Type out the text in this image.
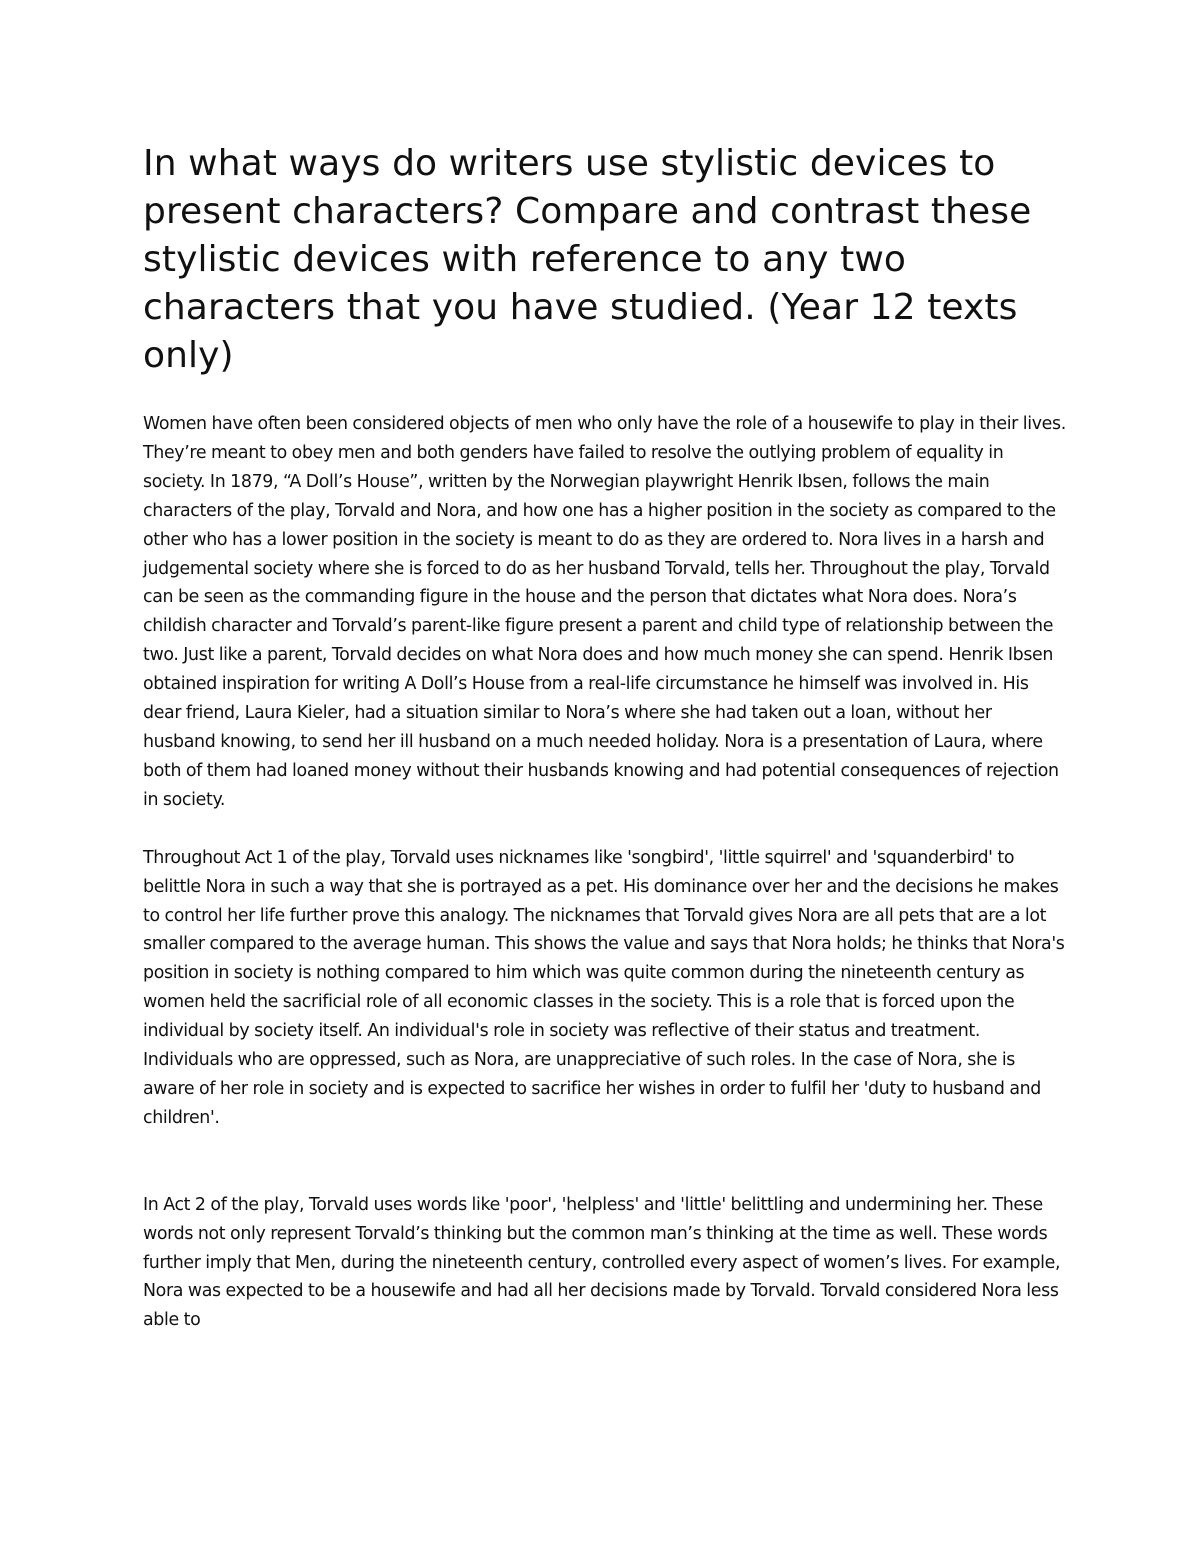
In what ways do writers use stylistic devices to present characters? Compare and contrast these stylistic devices with reference to any two characters that you have studied. (Year 12 texts only)

Women have often been considered objects of men who only have the role of a housewife to play in their lives. They’re meant to obey men and both genders have failed to resolve the outlying problem of equality in society. In 1879, “A Doll’s House”, written by the Norwegian playwright Henrik Ibsen, follows the main characters of the play, Torvald and Nora, and how one has a higher position in the society as compared to the other who has a lower position in the society is meant to do as they are ordered to. Nora lives in a harsh and judgemental society where she is forced to do as her husband Torvald, tells her. Throughout the play, Torvald can be seen as the commanding figure in the house and the person that dictates what Nora does. Nora’s childish character and Torvald’s parent-like figure present a parent and child type of relationship between the two. Just like a parent, Torvald decides on what Nora does and how much money she can spend. Henrik Ibsen obtained inspiration for writing A Doll’s House from a real-life circumstance he himself was involved in. His dear friend, Laura Kieler, had a situation similar to Nora’s where she had taken out a loan, without her husband knowing, to send her ill husband on a much needed holiday. Nora is a presentation of Laura, where both of them had loaned money without their husbands knowing and had potential consequences of rejection in society.

Throughout Act 1 of the play, Torvald uses nicknames like 'songbird', 'little squirrel' and 'squanderbird' to belittle Nora in such a way that she is portrayed as a pet. His dominance over her and the decisions he makes to control her life further prove this analogy. The nicknames that Torvald gives Nora are all pets that are a lot smaller compared to the average human. This shows the value and says that Nora holds; he thinks that Nora's position in society is nothing compared to him which was quite common during the nineteenth century as women held the sacrificial role of all economic classes in the society. This is a role that is forced upon the individual by society itself. An individual's role in society was reflective of their status and treatment. Individuals who are oppressed, such as Nora, are unappreciative of such roles. In the case of Nora, she is aware of her role in society and is expected to sacrifice her wishes in order to fulfil her 'duty to husband and children'.

In Act 2 of the play, Torvald uses words like 'poor', 'helpless' and 'little' belittling and undermining her. These words not only represent Torvald’s thinking but the common man’s thinking at the time as well. These words further imply that Men, during the nineteenth century, controlled every aspect of women’s lives. For example, Nora was expected to be a housewife and had all her decisions made by Torvald. Torvald considered Nora less able to
